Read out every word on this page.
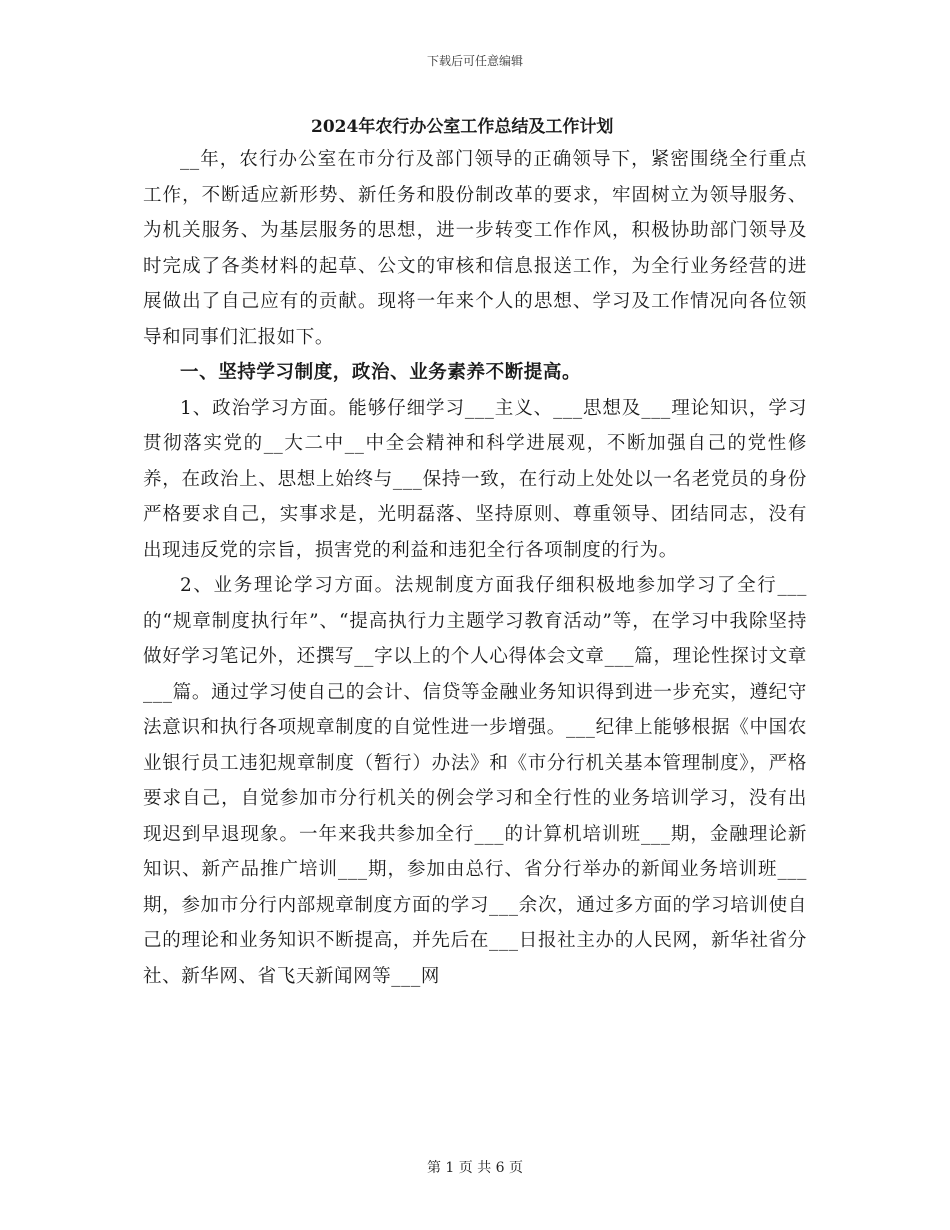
下载后可任意编辑
2024年农行办公室工作总结及工作计划

__年，农行办公室在市分行及部门领导的正确领导下，紧密围绕全行重点工作，不断适应新形势、新任务和股份制改革的要求，牢固树立为领导服务、为机关服务、为基层服务的思想，进一步转变工作作风，积极协助部门领导及时完成了各类材料的起草、公文的审核和信息报送工作，为全行业务经营的进展做出了自己应有的贡献。现将一年来个人的思想、学习及工作情况向各位领导和同事们汇报如下。

一、坚持学习制度，政治、业务素养不断提高。

1、政治学习方面。能够仔细学习___主义、___思想及___理论知识，学习贯彻落实党的__大二中__中全会精神和科学进展观，不断加强自己的党性修养，在政治上、思想上始终与___保持一致，在行动上处处以一名老党员的身份严格要求自己，实事求是，光明磊落、坚持原则、尊重领导、团结同志，没有出现违反党的宗旨，损害党的利益和违犯全行各项制度的行为。

2、业务理论学习方面。法规制度方面我仔细积极地参加学习了全行___的“规章制度执行年”、“提高执行力主题学习教育活动”等，在学习中我除坚持做好学习笔记外，还撰写__字以上的个人心得体会文章___篇，理论性探讨文章___篇。通过学习使自己的会计、信贷等金融业务知识得到进一步充实，遵纪守法意识和执行各项规章制度的自觉性进一步增强。___纪律上能够根据《中国农业银行员工违犯规章制度（暂行）办法》和《市分行机关基本管理制度》，严格要求自己，自觉参加市分行机关的例会学习和全行性的业务培训学习，没有出现迟到早退现象。一年来我共参加全行___的计算机培训班___期，金融理论新知识、新产品推广培训___期，参加由总行、省分行举办的新闻业务培训班___期，参加市分行内部规章制度方面的学习___余次，通过多方面的学习培训使自己的理论和业务知识不断提高，并先后在___日报社主办的人民网，新华社省分社、新华网、省飞天新闻网等___网

第 1 页 共 6 页
